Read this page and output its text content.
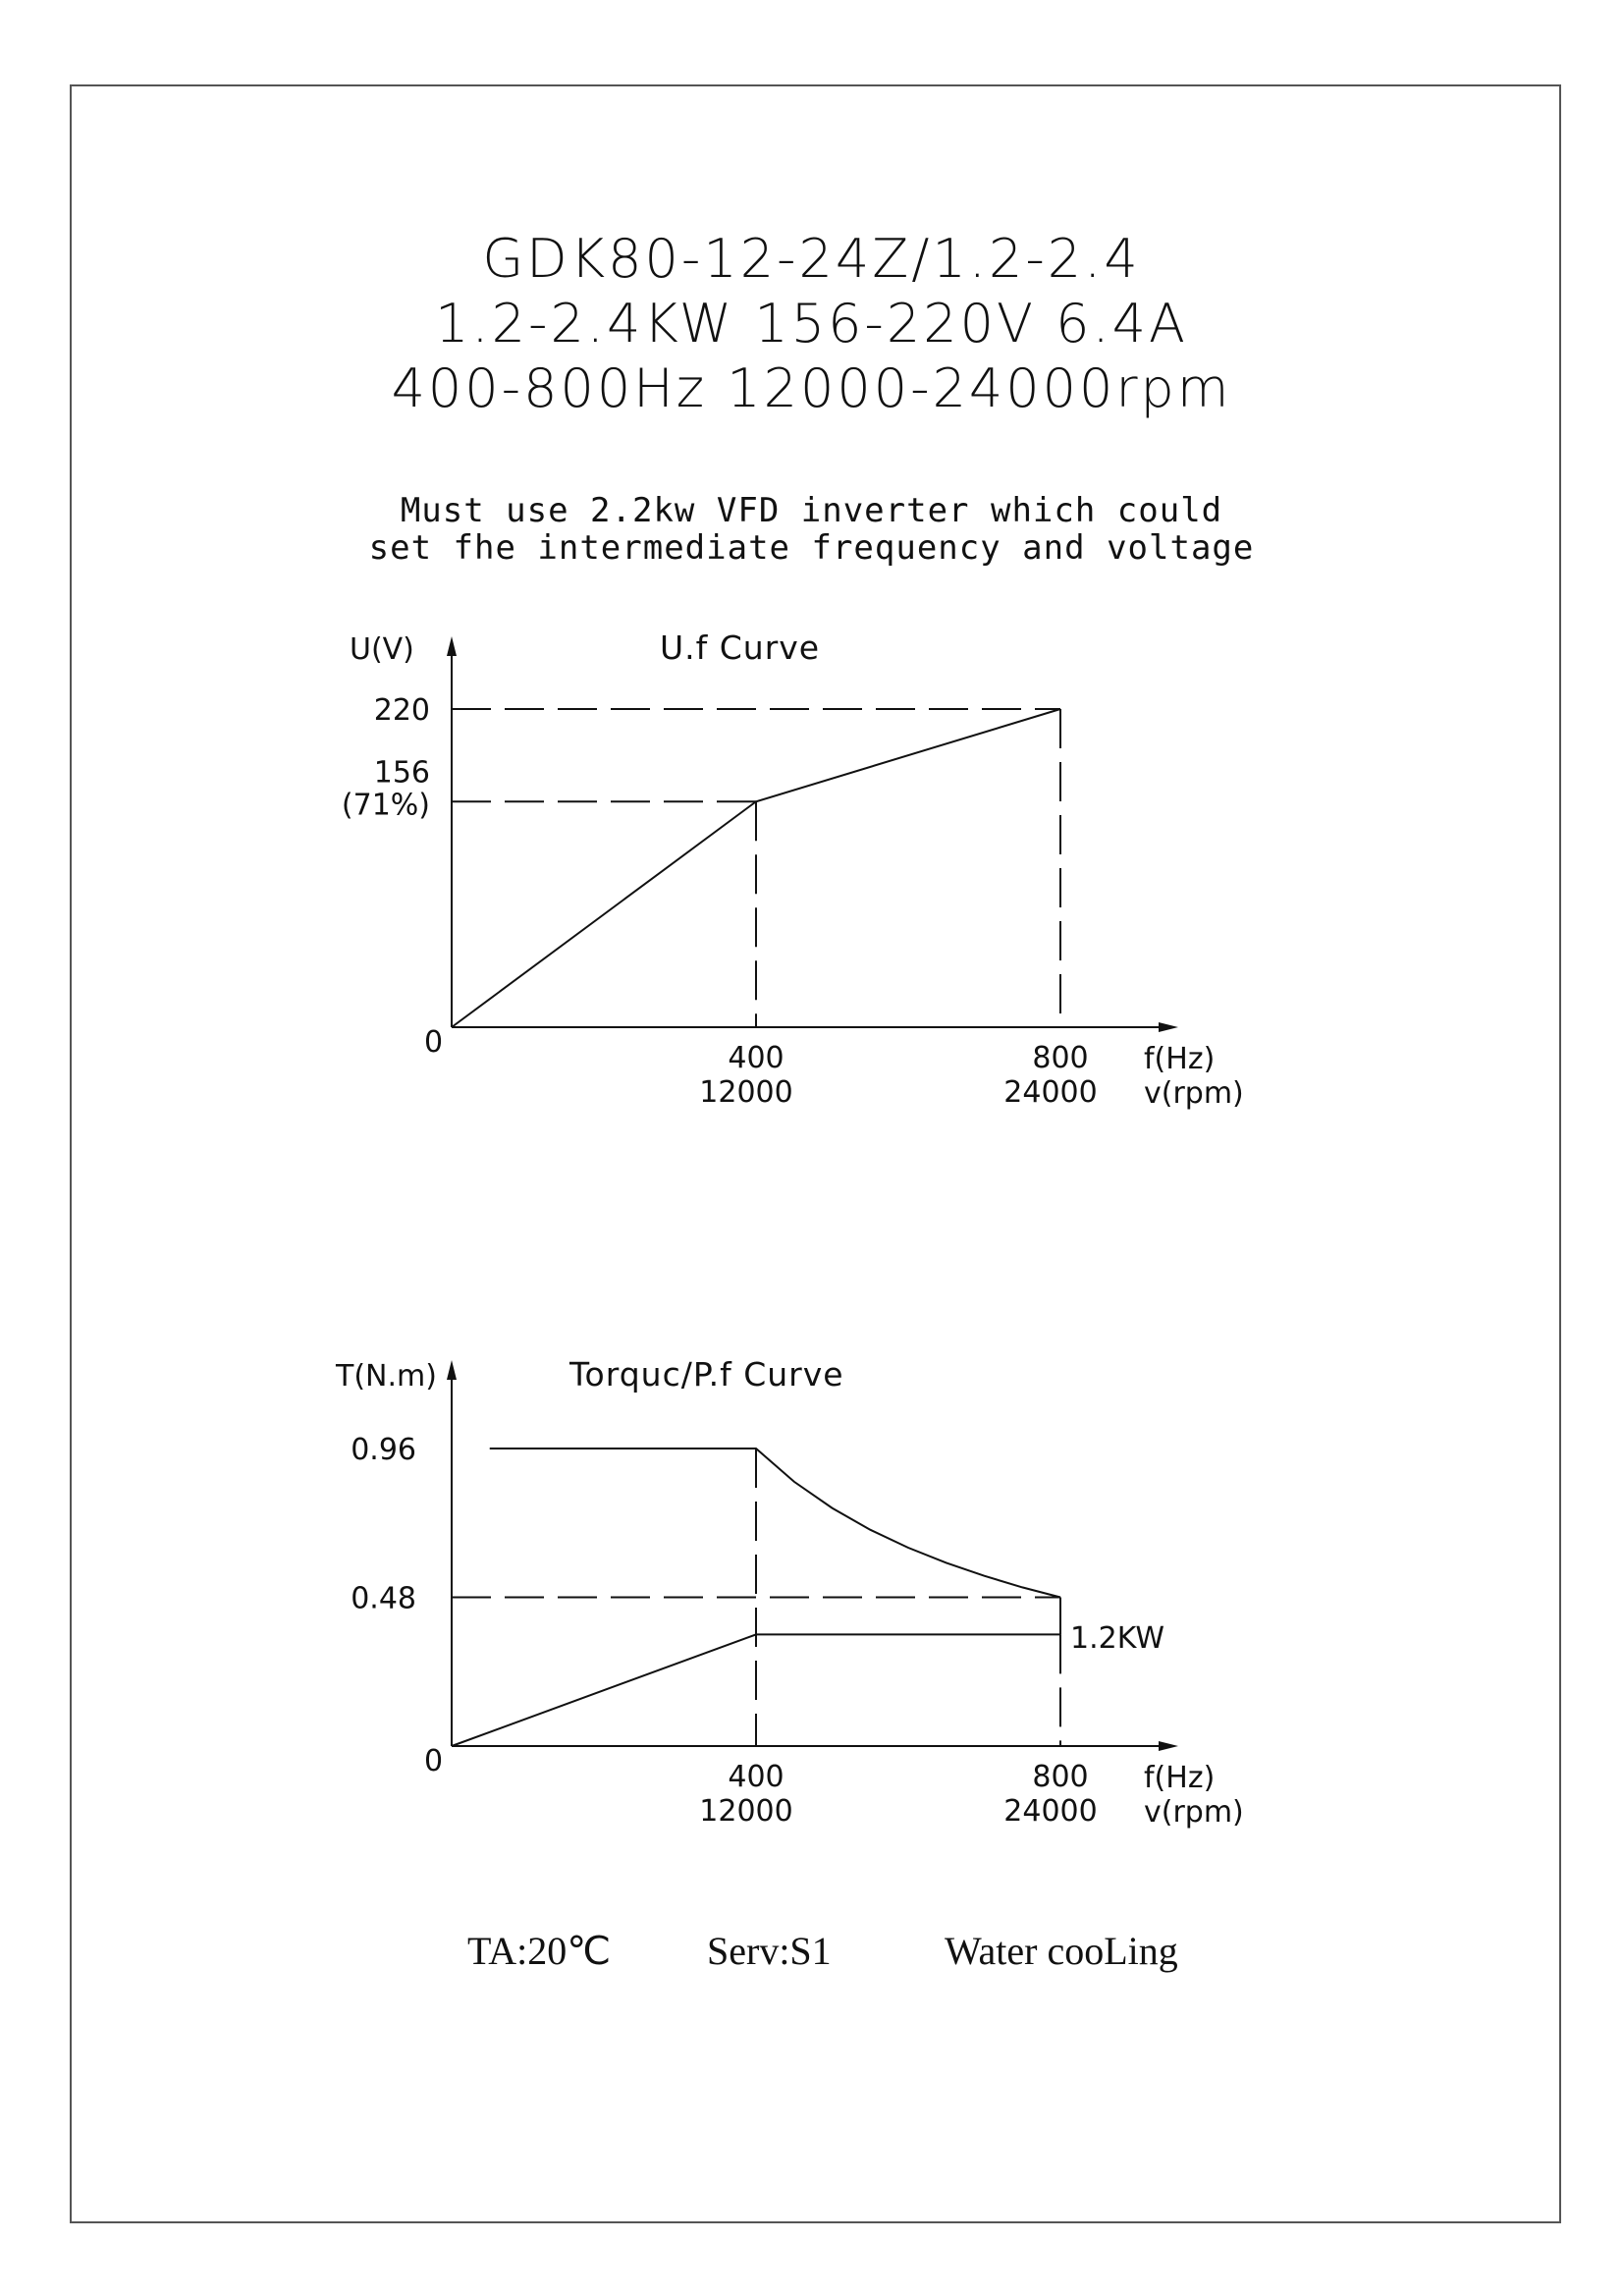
GDK80-12-24Z/1.2-2.4
1.2-2.4KW 156-220V 6.4A
400-800Hz 12000-24000rpm
Must use 2.2kw VFD inverter which could
set fhe intermediate frequency and voltage
U.f Curve
U(V)
0	f(Hz)
v(rpm)
220
156
(71%)
400
12000
800
24000
Torquc/P.f Curve
T(N.m)
0	f(Hz)
v(rpm)
1.2KW
0.96
0.48
400
12000
800
24000
TA:20℃ Serv:S1	Water cooLing
